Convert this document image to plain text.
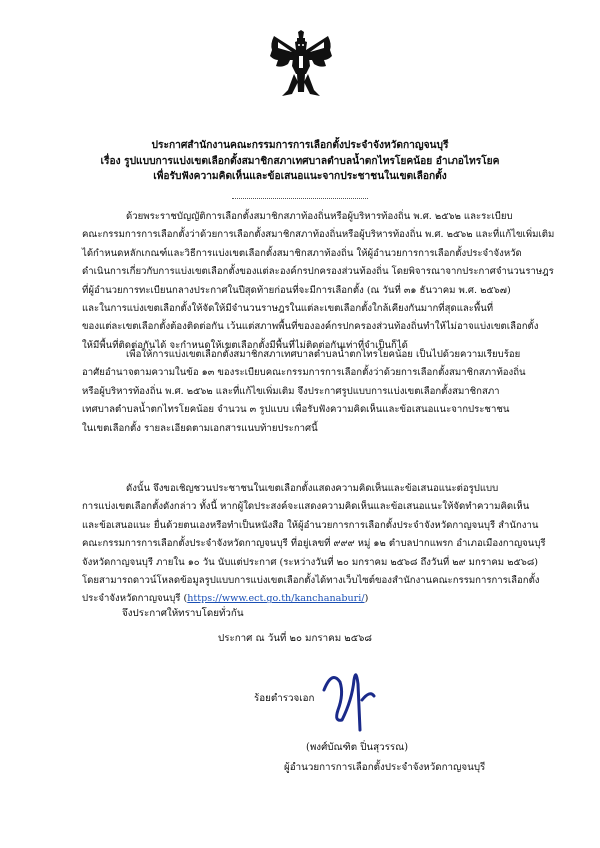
ประกาศสำนักงานคณะกรรมการการเลือกตั้งประจำจังหวัดกาญจนบุรี
เรื่อง รูปแบบการแบ่งเขตเลือกตั้งสมาชิกสภาเทศบาลตำบลน้ำตกไทรโยคน้อย อำเภอไทรโยค
เพื่อรับฟังความคิดเห็นและข้อเสนอแนะจากประชาชนในเขตเลือกตั้ง

ด้วยพระราชบัญญัติการเลือกตั้งสมาชิกสภาท้องถิ่นหรือผู้บริหารท้องถิ่น พ.ศ. ๒๕๖๒ และระเบียบ

คณะกรรมการการเลือกตั้งว่าด้วยการเลือกตั้งสมาชิกสภาท้องถิ่นหรือผู้บริหารท้องถิ่น พ.ศ. ๒๕๖๒ และที่แก้ไขเพิ่มเติม

ได้กำหนดหลักเกณฑ์และวิธีการแบ่งเขตเลือกตั้งสมาชิกสภาท้องถิ่น ให้ผู้อำนวยการการเลือกตั้งประจำจังหวัด

ดำเนินการเกี่ยวกับการแบ่งเขตเลือกตั้งของแต่ละองค์กรปกครองส่วนท้องถิ่น โดยพิจารณาจากประกาศจำนวนราษฎร

ที่ผู้อำนวยการทะเบียนกลางประกาศในปีสุดท้ายก่อนที่จะมีการเลือกตั้ง (ณ วันที่ ๓๑ ธันวาคม พ.ศ. ๒๕๖๗)

และในการแบ่งเขตเลือกตั้งให้จัดให้มีจำนวนราษฎรในแต่ละเขตเลือกตั้งใกล้เคียงกันมากที่สุดและพื้นที่

ของแต่ละเขตเลือกตั้งต้องติดต่อกัน เว้นแต่สภาพพื้นที่ขององค์กรปกครองส่วนท้องถิ่นทำให้ไม่อาจแบ่งเขตเลือกตั้ง

ให้มีพื้นที่ติดต่อกันได้ จะกำหนดให้เขตเลือกตั้งมีพื้นที่ไม่ติดต่อกันเท่าที่จำเป็นก็ได้

เพื่อให้การแบ่งเขตเลือกตั้งสมาชิกสภาเทศบาลตำบลน้ำตกไทรโยคน้อย เป็นไปด้วยความเรียบร้อย

อาศัยอำนาจตามความในข้อ ๑๓ ของระเบียบคณะกรรมการการเลือกตั้งว่าด้วยการเลือกตั้งสมาชิกสภาท้องถิ่น

หรือผู้บริหารท้องถิ่น พ.ศ. ๒๕๖๒ และที่แก้ไขเพิ่มเติม จึงประกาศรูปแบบการแบ่งเขตเลือกตั้งสมาชิกสภา

เทศบาลตำบลน้ำตกไทรโยคน้อย จำนวน ๓ รูปแบบ เพื่อรับฟังความคิดเห็นและข้อเสนอแนะจากประชาชน

ในเขตเลือกตั้ง รายละเอียดตามเอกสารแนบท้ายประกาศนี้

ดังนั้น จึงขอเชิญชวนประชาชนในเขตเลือกตั้งแสดงความคิดเห็นและข้อเสนอแนะต่อรูปแบบ

การแบ่งเขตเลือกตั้งดังกล่าว ทั้งนี้ หากผู้ใดประสงค์จะแสดงความคิดเห็นและข้อเสนอแนะให้จัดทำความคิดเห็น

และข้อเสนอแนะ ยื่นด้วยตนเองหรือทำเป็นหนังสือ ให้ผู้อำนวยการการเลือกตั้งประจำจังหวัดกาญจนบุรี สำนักงาน

คณะกรรมการการเลือกตั้งประจำจังหวัดกาญจนบุรี ที่อยู่เลขที่ ๙๙๙ หมู่ ๑๒ ตำบลปากแพรก อำเภอเมืองกาญจนบุรี

จังหวัดกาญจนบุรี ภายใน ๑๐ วัน นับแต่ประกาศ (ระหว่างวันที่ ๒๐ มกราคม ๒๕๖๘ ถึงวันที่ ๒๙ มกราคม ๒๕๖๘)

โดยสามารถดาวน์โหลดข้อมูลรูปแบบการแบ่งเขตเลือกตั้งได้ทางเว็บไซต์ของสำนักงานคณะกรรมการการเลือกตั้ง

ประจำจังหวัดกาญจนบุรี (https://www.ect.go.th/kanchanaburi/)

จึงประกาศให้ทราบโดยทั่วกัน
ประกาศ ณ วันที่ ๒๐ มกราคม ๒๕๖๘
ร้อยตำรวจเอก
(พงศ์บัณฑิต ปิ่นสุวรรณ)
ผู้อำนวยการการเลือกตั้งประจำจังหวัดกาญจนบุรี
